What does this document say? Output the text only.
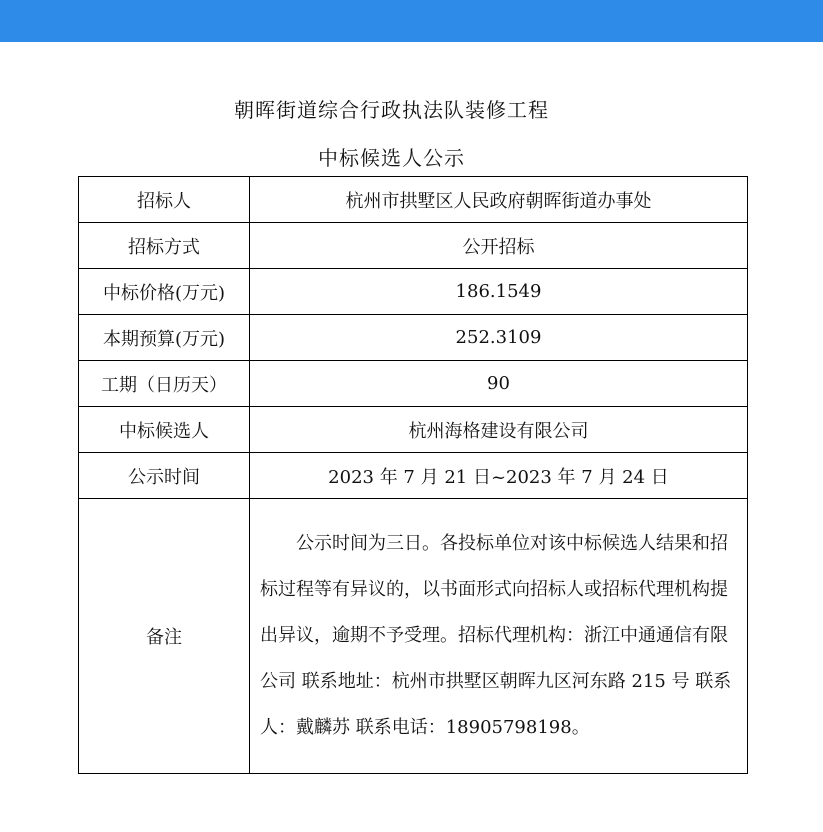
朝晖街道综合行政执法队装修工程
中标候选人公示
招标人	杭州市拱墅区人民政府朝晖街道办事处
招标方式	公开招标
中标价格(万元)	186.1549
本期预算(万元)	252.3109
工期（日历天）	90
中标候选人	杭州海格建设有限公司
公示时间	2023 年 7 月 21 日~2023 年 7 月 24 日
备注	公示时间为三日。各投标单位对该中标候选人结果和招标过程等有异议的，以书面形式向招标人或招标代理机构提出异议，逾期不予受理。招标代理机构：浙江中通通信有限公司 联系地址：杭州市拱墅区朝晖九区河东路 215 号 联系人：戴麟苏 联系电话：18905798198。
